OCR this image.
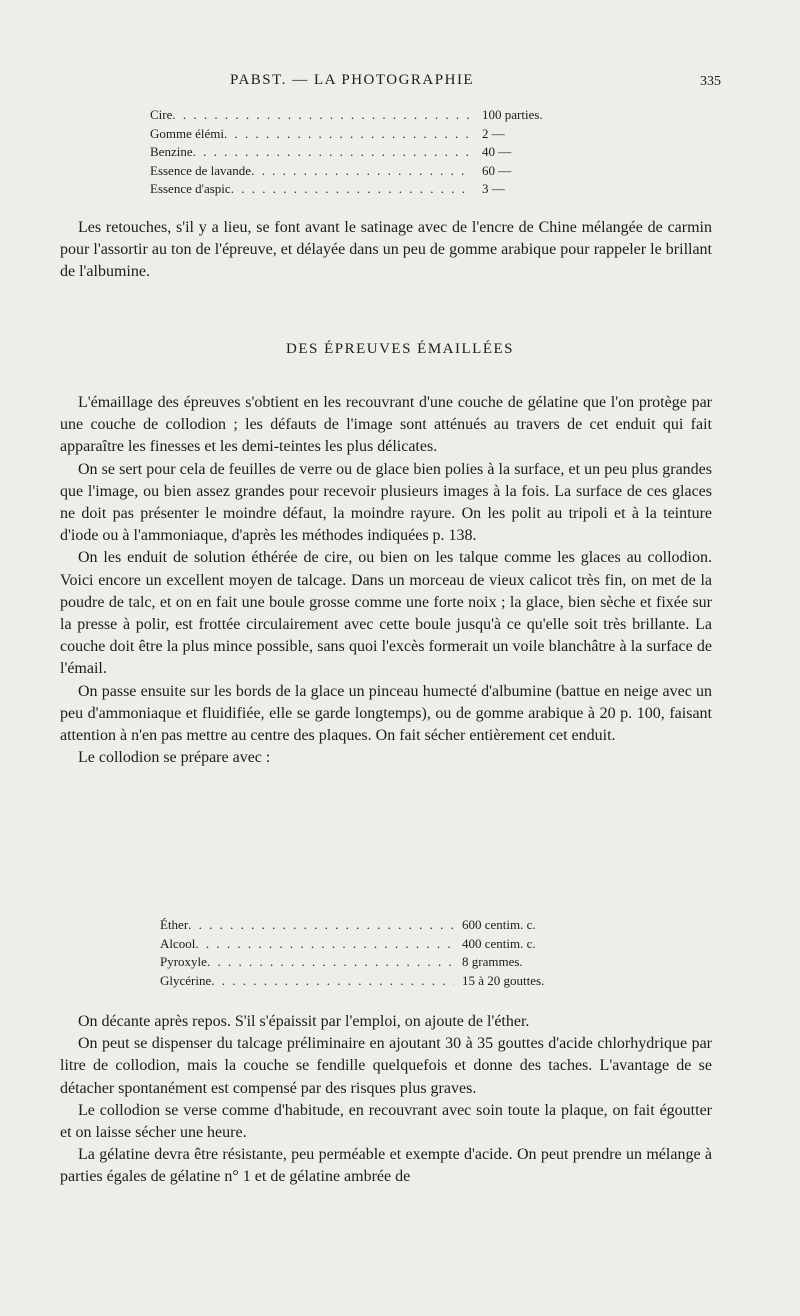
PABST. — LA PHOTOGRAPHIE	335
Cire . . .	100 parties.
Gomme élémi . . .	2 —
Benzine . . .	40 —
Essence de lavande . . .	60 —
Essence d'aspic . . .	3 —

Les retouches, s'il y a lieu, se font avant le satinage avec de l'encre de Chine mélangée de carmin pour l'assortir au ton de l'épreuve, et délayée dans un peu de gomme arabique pour rappeler le brillant de l'albumine.

DES ÉPREUVES ÉMAILLÉES

L'émaillage des épreuves s'obtient en les recouvrant d'une couche de gélatine que l'on protège par une couche de collodion ; les défauts de l'image sont atténués au travers de cet enduit qui fait apparaître les finesses et les demi-teintes les plus délicates.

On se sert pour cela de feuilles de verre ou de glace bien polies à la surface, et un peu plus grandes que l'image, ou bien assez grandes pour recevoir plusieurs images à la fois. La surface de ces glaces ne doit pas présenter le moindre défaut, la moindre rayure. On les polit au tripoli et à la teinture d'iode ou à l'ammoniaque, d'après les méthodes indiquées p. 138.

On les enduit de solution éthérée de cire, ou bien on les talque comme les glaces au collodion. Voici encore un excellent moyen de talcage. Dans un morceau de vieux calicot très fin, on met de la poudre de talc, et on en fait une boule grosse comme une forte noix ; la glace, bien sèche et fixée sur la presse à polir, est frottée circulairement avec cette boule jusqu'à ce qu'elle soit très brillante. La couche doit être la plus mince possible, sans quoi l'excès formerait un voile blanchâtre à la surface de l'émail.

On passe ensuite sur les bords de la glace un pinceau humecté d'albumine (battue en neige avec un peu d'ammoniaque et fluidifiée, elle se garde longtemps), ou de gomme arabique à 20 p. 100, faisant attention à n'en pas mettre au centre des plaques. On fait sécher entièrement cet enduit.

Le collodion se prépare avec :

Éther . . .	600 centim. c.
Alcool . . .	400 centim. c.
Pyroxyle . . .	8 grammes.
Glycérine . . .	15 à 20 gouttes.

On décante après repos. S'il s'épaissit par l'emploi, on ajoute de l'éther.

On peut se dispenser du talcage préliminaire en ajoutant 30 à 35 gouttes d'acide chlorhydrique par litre de collodion, mais la couche se fendille quelquefois et donne des taches. L'avantage de se détacher spontanément est compensé par des risques plus graves.

Le collodion se verse comme d'habitude, en recouvrant avec soin toute la plaque, on fait égoutter et on laisse sécher une heure.

La gélatine devra être résistante, peu perméable et exempte d'acide. On peut prendre un mélange à parties égales de gélatine n° 1 et de gélatine ambrée de
